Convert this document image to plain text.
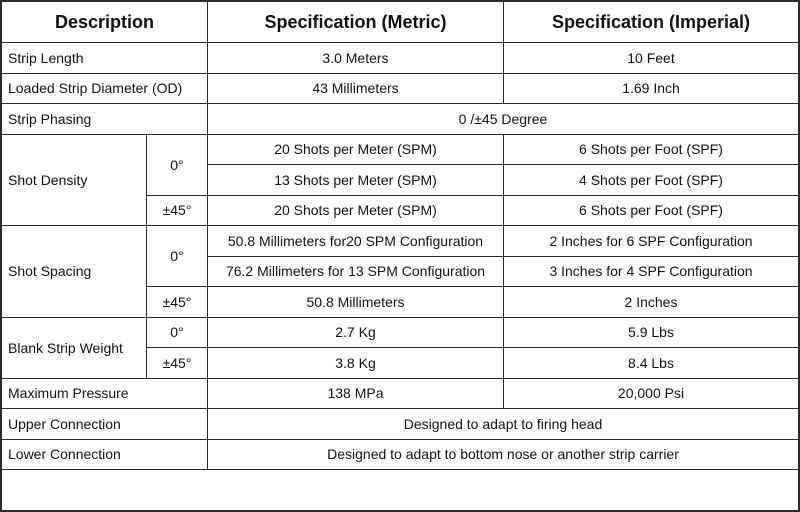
Description		Specification (Metric)	Specification (Imperial)
Strip Length		3.0 Meters	10 Feet
Loaded Strip Diameter (OD)		43 Millimeters	1.69 Inch
Strip Phasing		0 /±45 Degree	
Shot Density	0°	20 Shots per Meter (SPM)	6 Shots per Foot (SPF)
		13 Shots per Meter (SPM)	4 Shots per Foot (SPF)
	±45°	20 Shots per Meter (SPM)	6 Shots per Foot (SPF)
Shot Spacing	0°	50.8 Millimeters for20 SPM Configuration	2 Inches for 6 SPF Configuration
		76.2 Millimeters for 13 SPM Configuration	3 Inches for 4 SPF Configuration
	±45°	50.8 Millimeters	2 Inches
Blank Strip Weight	0°	2.7 Kg	5.9 Lbs
	±45°	3.8 Kg	8.4 Lbs
Maximum Pressure		138 MPa	20,000 Psi
Upper Connection		Designed to adapt to firing head	
Lower Connection		Designed to adapt to bottom nose or another strip carrier	
